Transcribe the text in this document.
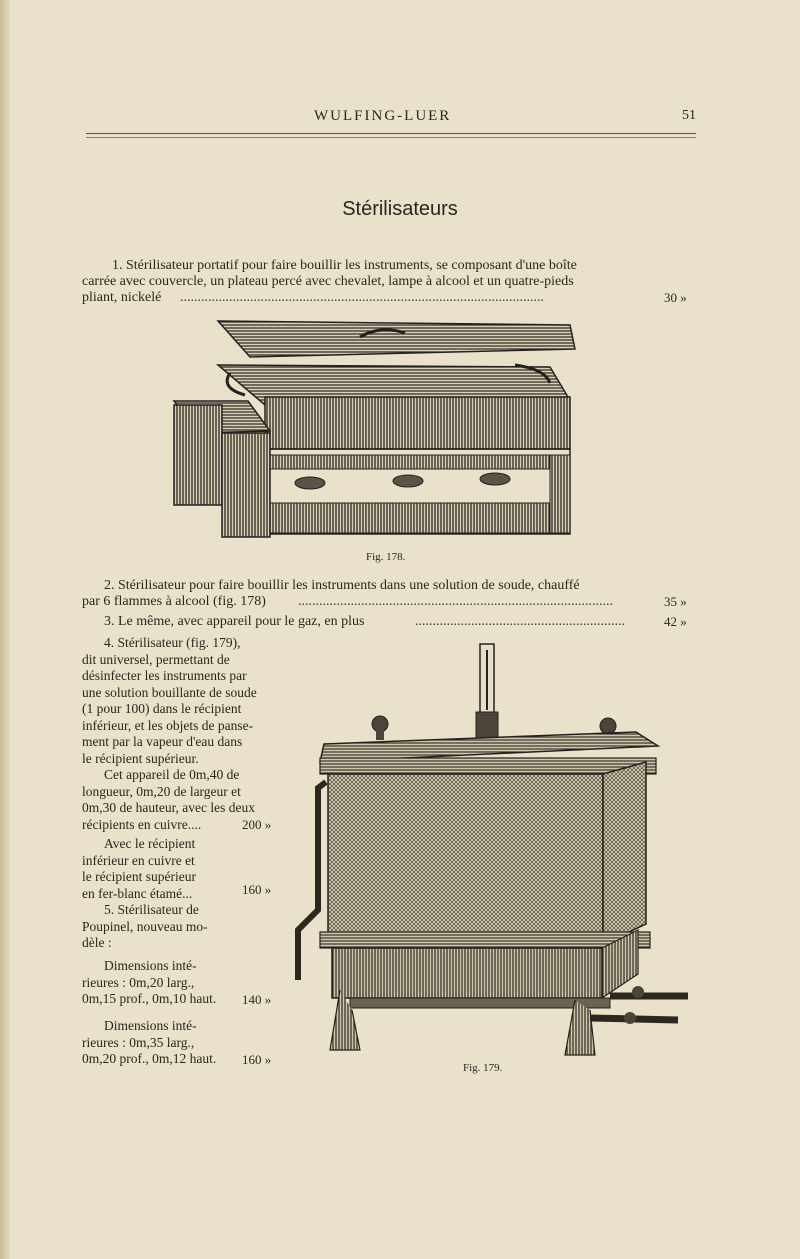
WULFING-LUER	51
Stérilisateurs
1. Stérilisateur portatif pour faire bouillir les instruments, se composant d'une boîte
carrée avec couvercle, un plateau percé avec chevalet, lampe à alcool et un quatre-pieds
pliant, nickelé ........................................................................................................	30 »
Fig. 178.
2. Stérilisateur pour faire bouillir les instruments dans une solution de soude, chauffé
par 6 flammes à alcool (fig. 178) ..........................................................................................	35 »
3. Le même, avec appareil pour le gaz, en plus	............................................................	42 »
4. Stérilisateur (fig. 179),
dit universel, permettant de
désinfecter les instruments par
une solution bouillante de soude
(1 pour 100) dans le récipient
inférieur, et les objets de panse-
ment par la vapeur d'eau dans
le récipient supérieur.
Cet appareil de 0m,40 de
longueur, 0m,20 de largeur et
0m,30 de hauteur, avec les deux
récipients en cuivre....	200 »
Avec le récipient
inférieur en cuivre et
le récipient supérieur
en fer-blanc étamé...	160 »
5. Stérilisateur de
Poupinel, nouveau mo-
dèle :
Dimensions inté-
rieures : 0m,20 larg.,
0m,15 prof., 0m,10 haut.	140 »
Dimensions inté-
rieures : 0m,35 larg.,
0m,20 prof., 0m,12 haut.	160 »
Fig. 179.
